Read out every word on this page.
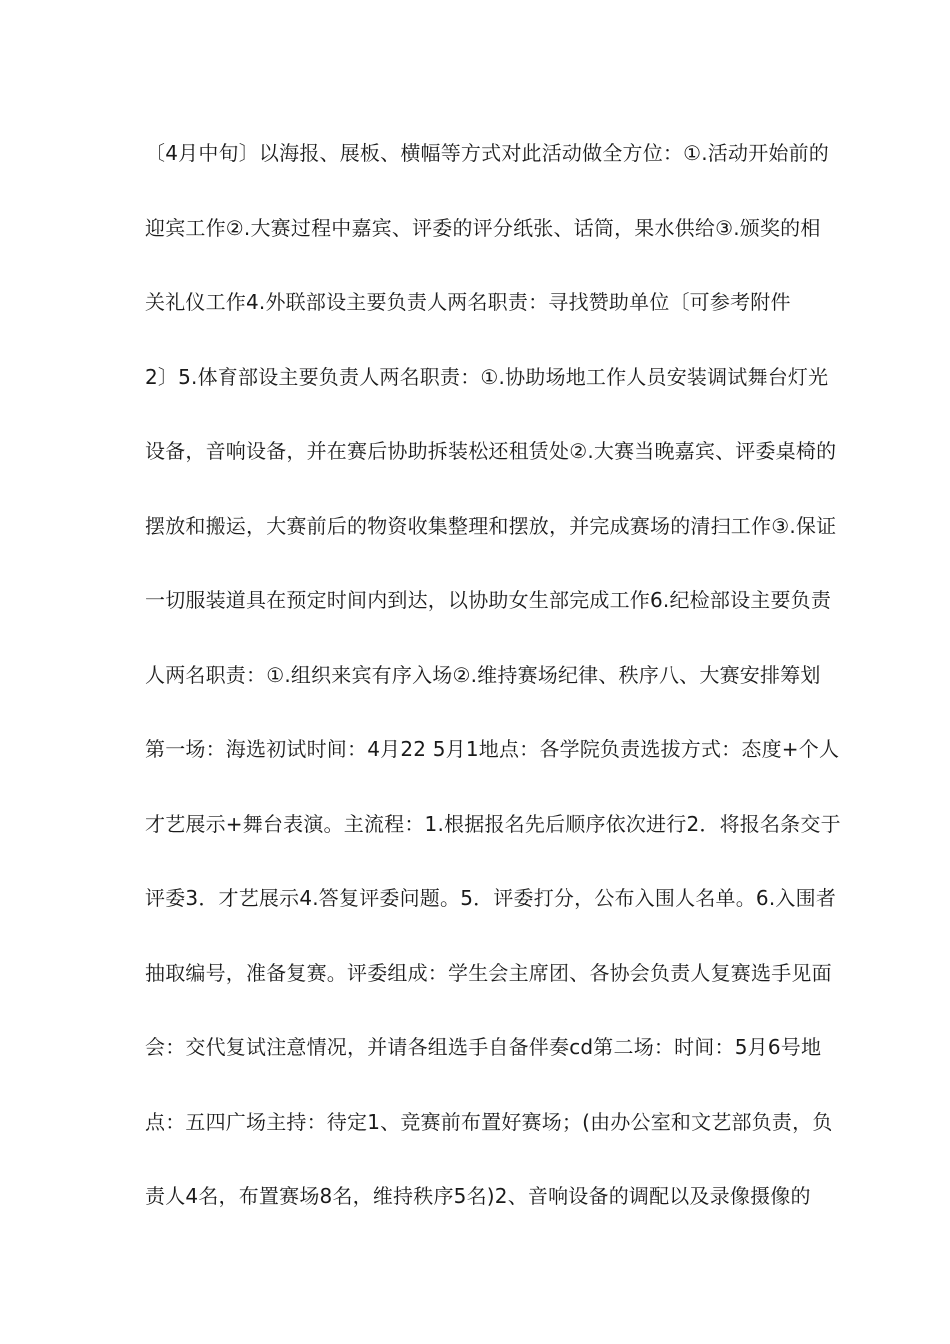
〔4月中旬〕以海报、展板、横幅等方式对此活动做全方位：①.活动开始前的
迎宾工作②.大赛过程中嘉宾、评委的评分纸张、话筒，果水供给③.颁奖的相
关礼仪工作4.外联部设主要负责人两名职责：寻找赞助单位〔可参考附件
2〕5.体育部设主要负责人两名职责：①.协助场地工作人员安装调试舞台灯光
设备，音响设备，并在赛后协助拆装松还租赁处②.大赛当晚嘉宾、评委桌椅的
摆放和搬运，大赛前后的物资收集整理和摆放，并完成赛场的清扫工作③.保证
一切服装道具在预定时间内到达，以协助女生部完成工作6.纪检部设主要负责
人两名职责：①.组织来宾有序入场②.维持赛场纪律、秩序八、大赛安排筹划
第一场：海选初试时间：4月22 5月1地点：各学院负责选拔方式：态度+个人
才艺展示+舞台表演。主流程：1.根据报名先后顺序依次进行2．将报名条交于
评委3．才艺展示4.答复评委问题。5．评委打分，公布入围人名单。6.入围者
抽取编号，准备复赛。评委组成：学生会主席团、各协会负责人复赛选手见面
会：交代复试注意情况，并请各组选手自备伴奏cd第二场：时间：5月6号地
点：五四广场主持：待定1、竞赛前布置好赛场；(由办公室和文艺部负责，负
责人4名，布置赛场8名，维持秩序5名)2、音响设备的调配以及录像摄像的
